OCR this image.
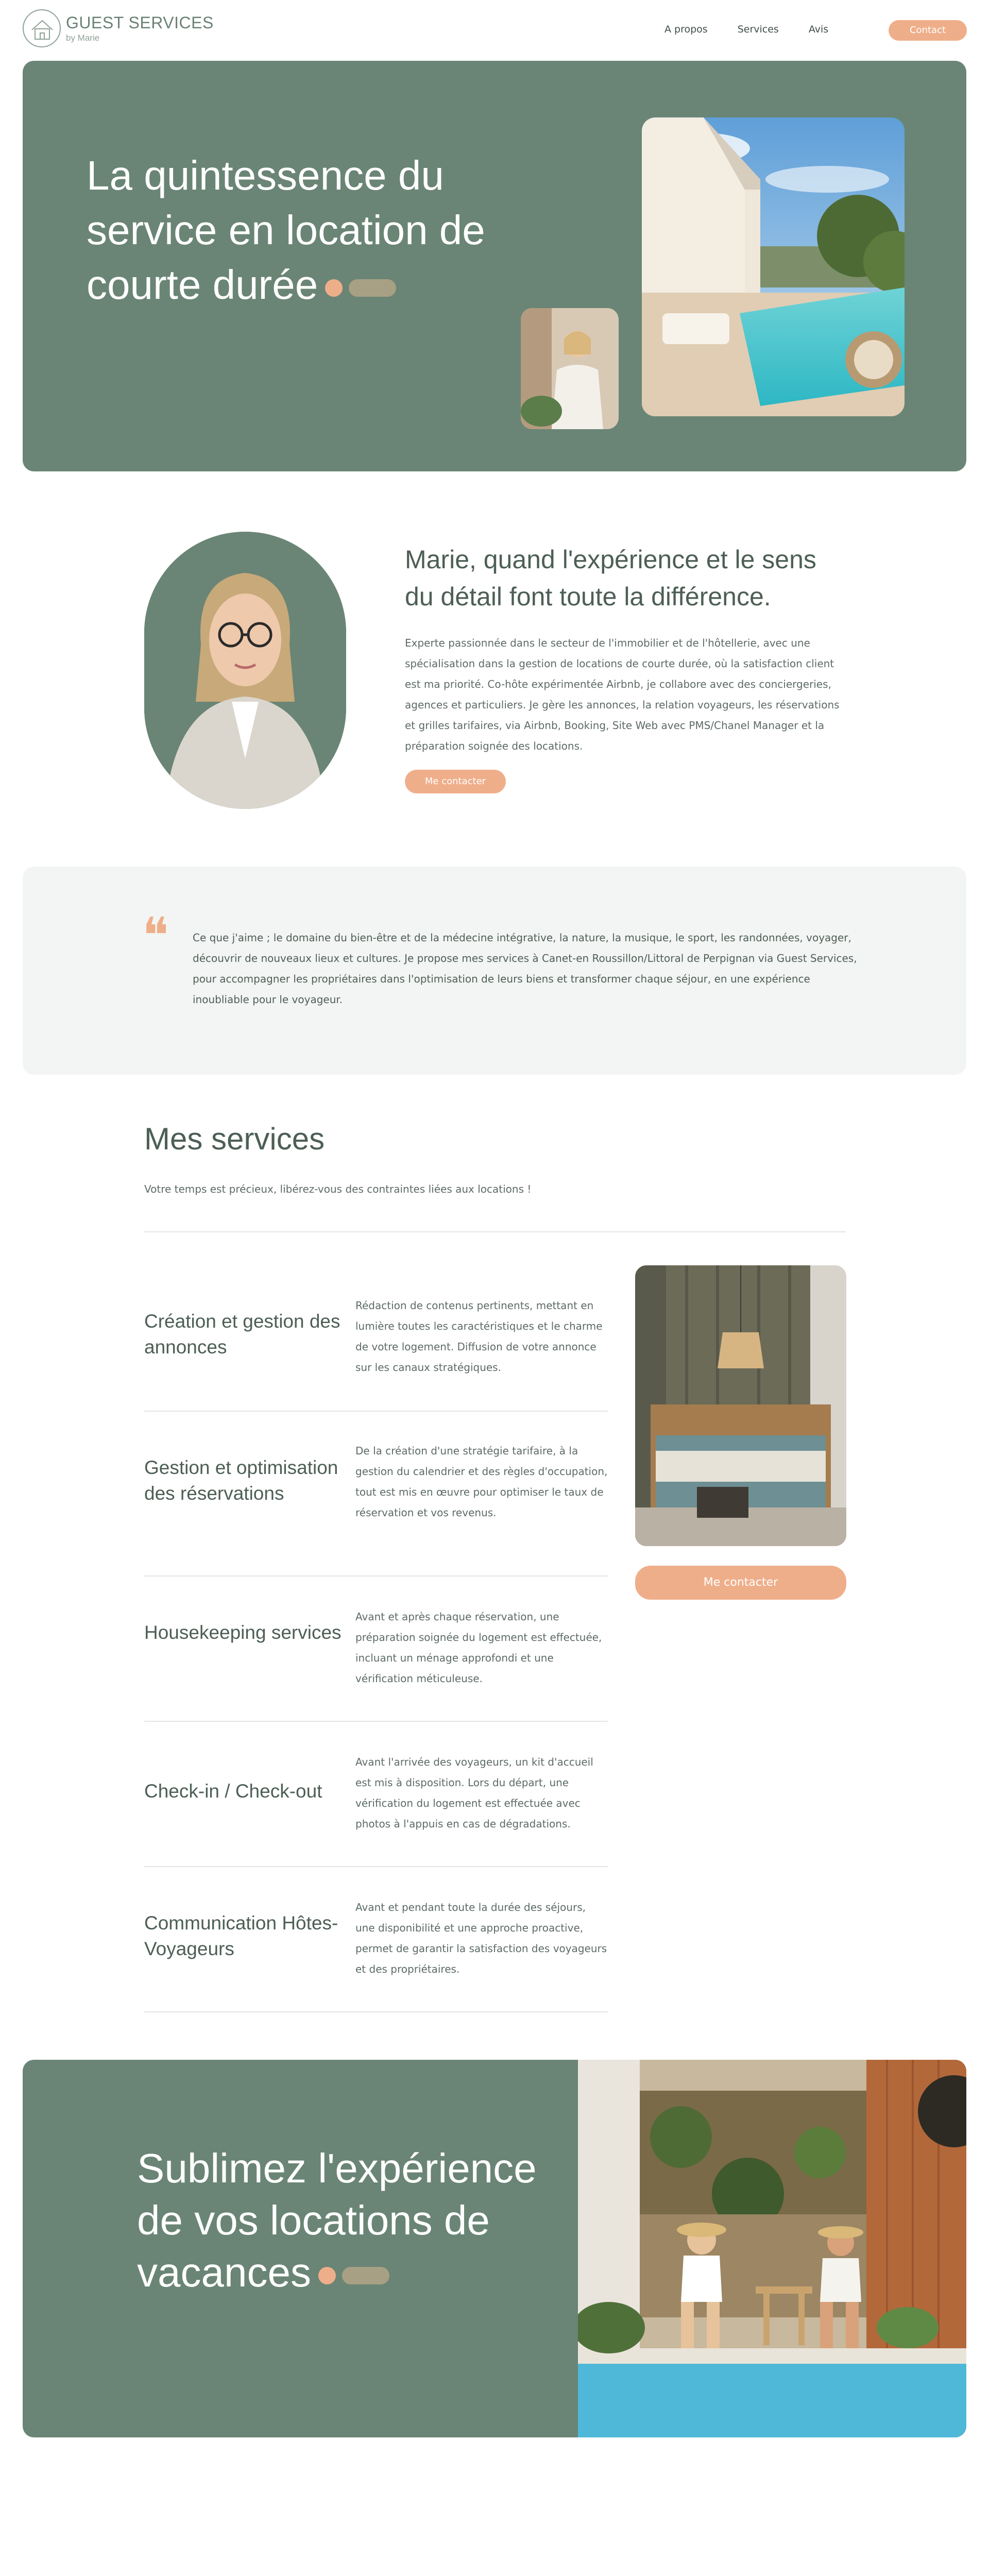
GUEST SERVICES
by Marie
A propos	Services	Avis	Contact
La quintessence du service en location de courte durée
Marie, quand l'expérience et le sens du détail font toute la différence.

Experte passionnée dans le secteur de l'immobilier et de l'hôtellerie, avec une spécialisation dans la gestion de locations de courte durée, où la satisfaction client est ma priorité. Co-hôte expérimentée Airbnb, je collabore avec des conciergeries, agences et particuliers. Je gère les annonces, la relation voyageurs, les réservations et grilles tarifaires, via Airbnb, Booking, Site Web avec PMS/Chanel Manager et la préparation soignée des locations.

Me contacter
❝ Ce que j'aime ; le domaine du bien-être et de la médecine intégrative, la nature, la musique, le sport, les randonnées, voyager, découvrir de nouveaux lieux et cultures. Je propose mes services à Canet-en Roussillon/Littoral de Perpignan via Guest Services, pour accompagner les propriétaires dans l'optimisation de leurs biens et transformer chaque séjour, en une expérience inoubliable pour le voyageur.

Mes services

Votre temps est précieux, libérez-vous des contraintes liées aux locations !

Création et gestion des annonces
Rédaction de contenus pertinents, mettant en lumière toutes les caractéristiques et le charme de votre logement. Diffusion de votre annonce sur les canaux stratégiques.
Gestion et optimisation des réservations
De la création d'une stratégie tarifaire, à la gestion du calendrier et des règles d'occupation, tout est mis en œuvre pour optimiser le taux de réservation et vos revenus.
Housekeeping services
Avant et après chaque réservation, une préparation soignée du logement est effectuée, incluant un ménage approfondi et une vérification méticuleuse.
Check-in / Check-out
Avant l'arrivée des voyageurs, un kit d'accueil est mis à disposition. Lors du départ, une vérification du logement est effectuée avec photos à l'appuis en cas de dégradations.
Communication Hôtes-Voyageurs
Avant et pendant toute la durée des séjours, une disponibilité et une approche proactive, permet de garantir la satisfaction des voyageurs et des propriétaires.
Me contacter
Sublimez l'expérience de vos locations de vacances
